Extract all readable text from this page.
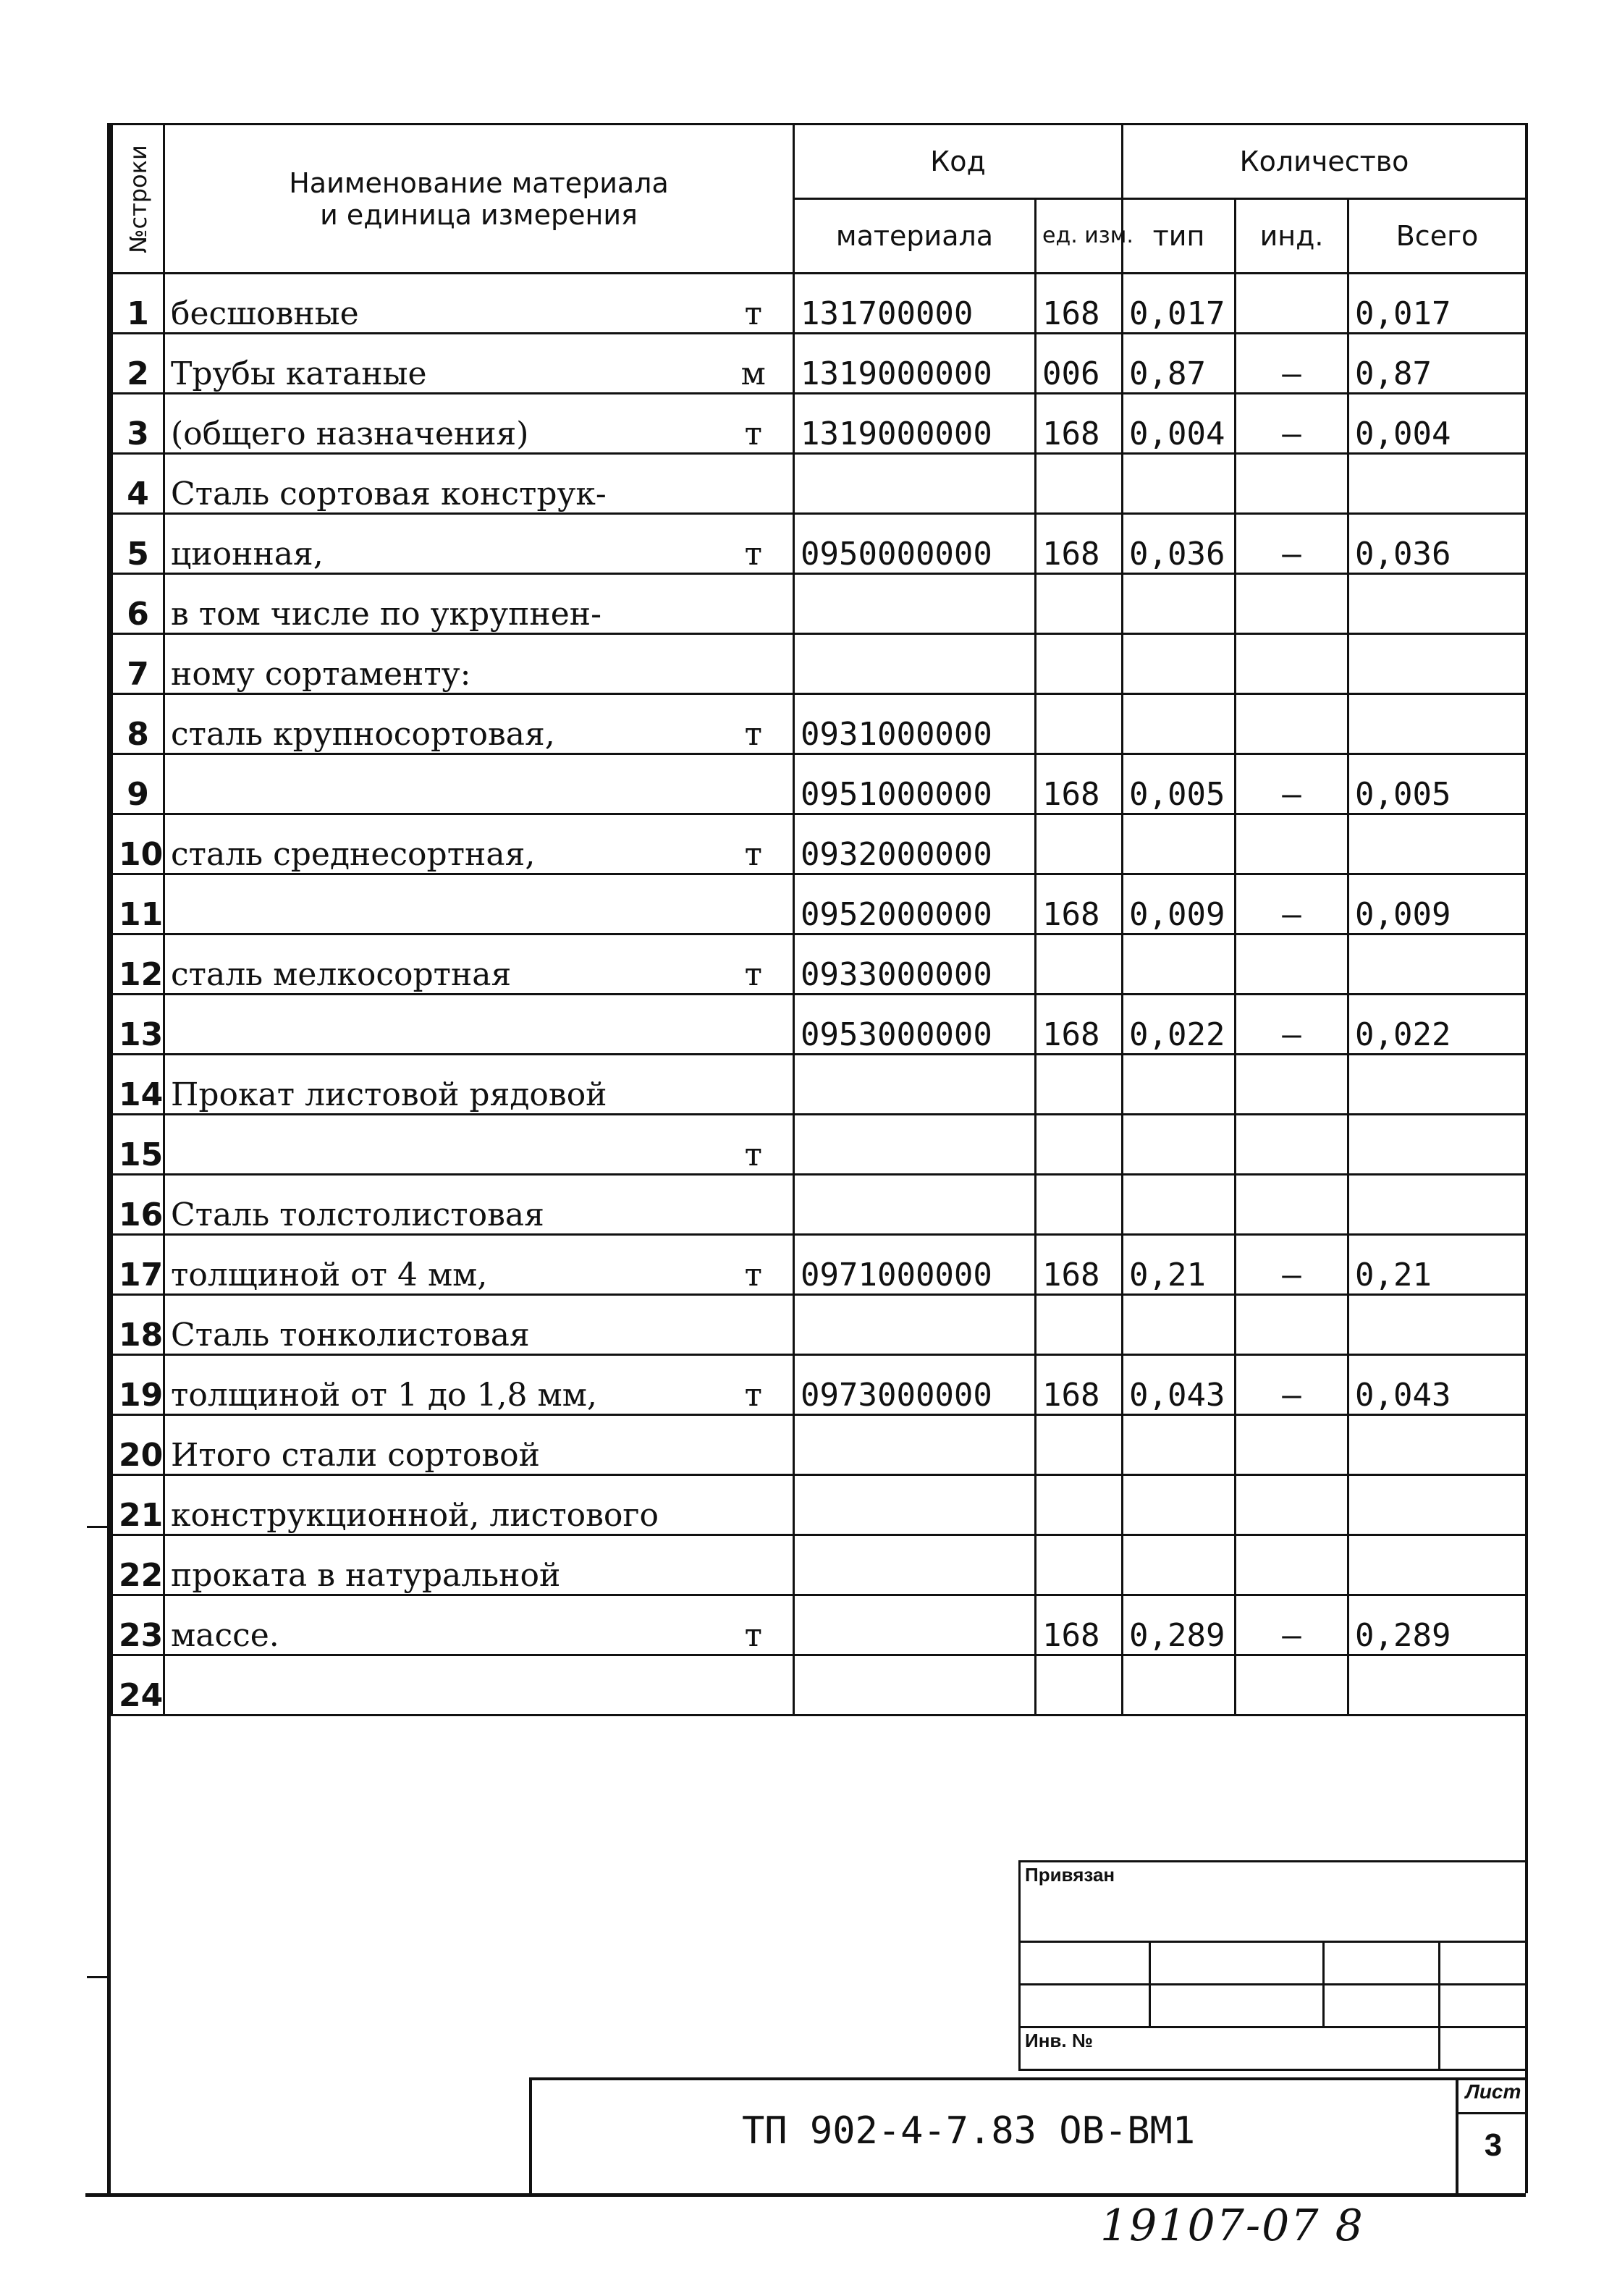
№строки	Наименование материала
и единица измерения		Код		Количество		
			материала	ед. изм.	тип	инд.	Всего
1	бесшовные	т	131700000	168	0,017		0,017
2	Трубы катаные	м	1319000000	006	0,87	–	0,87
3	(общего назначения)	т	1319000000	168	0,004	–	0,004
4	Сталь сортовая конструк-						
5	ционная,	т	0950000000	168	0,036	–	0,036
6	в том числе по укрупнен-						
7	ному сортаменту:						
8	сталь крупносортовая,	т	0931000000				
9			0951000000	168	0,005	–	0,005
10	сталь среднесортная,	т	0932000000				
11			0952000000	168	0,009	–	0,009
12	сталь мелкосортная	т	0933000000				
13			0953000000	168	0,022	–	0,022
14	Прокат листовой рядовой						
15		т					
16	Сталь толстолистовая						
17	толщиной от 4 мм,	т	0971000000	168	0,21	–	0,21
18	Сталь тонколистовая						
19	толщиной от 1 до 1,8 мм,	т	0973000000	168	0,043	–	0,043
20	Итого стали сортовой						
21	конструкционной, листового						
22	проката в натуральной						
23	массе.	т		168	0,289	–	0,289
24							
Привязан			

Инв. №			
ТП 902-4-7.83 ОВ-ВМ1
Лист
3
19107-07 8
